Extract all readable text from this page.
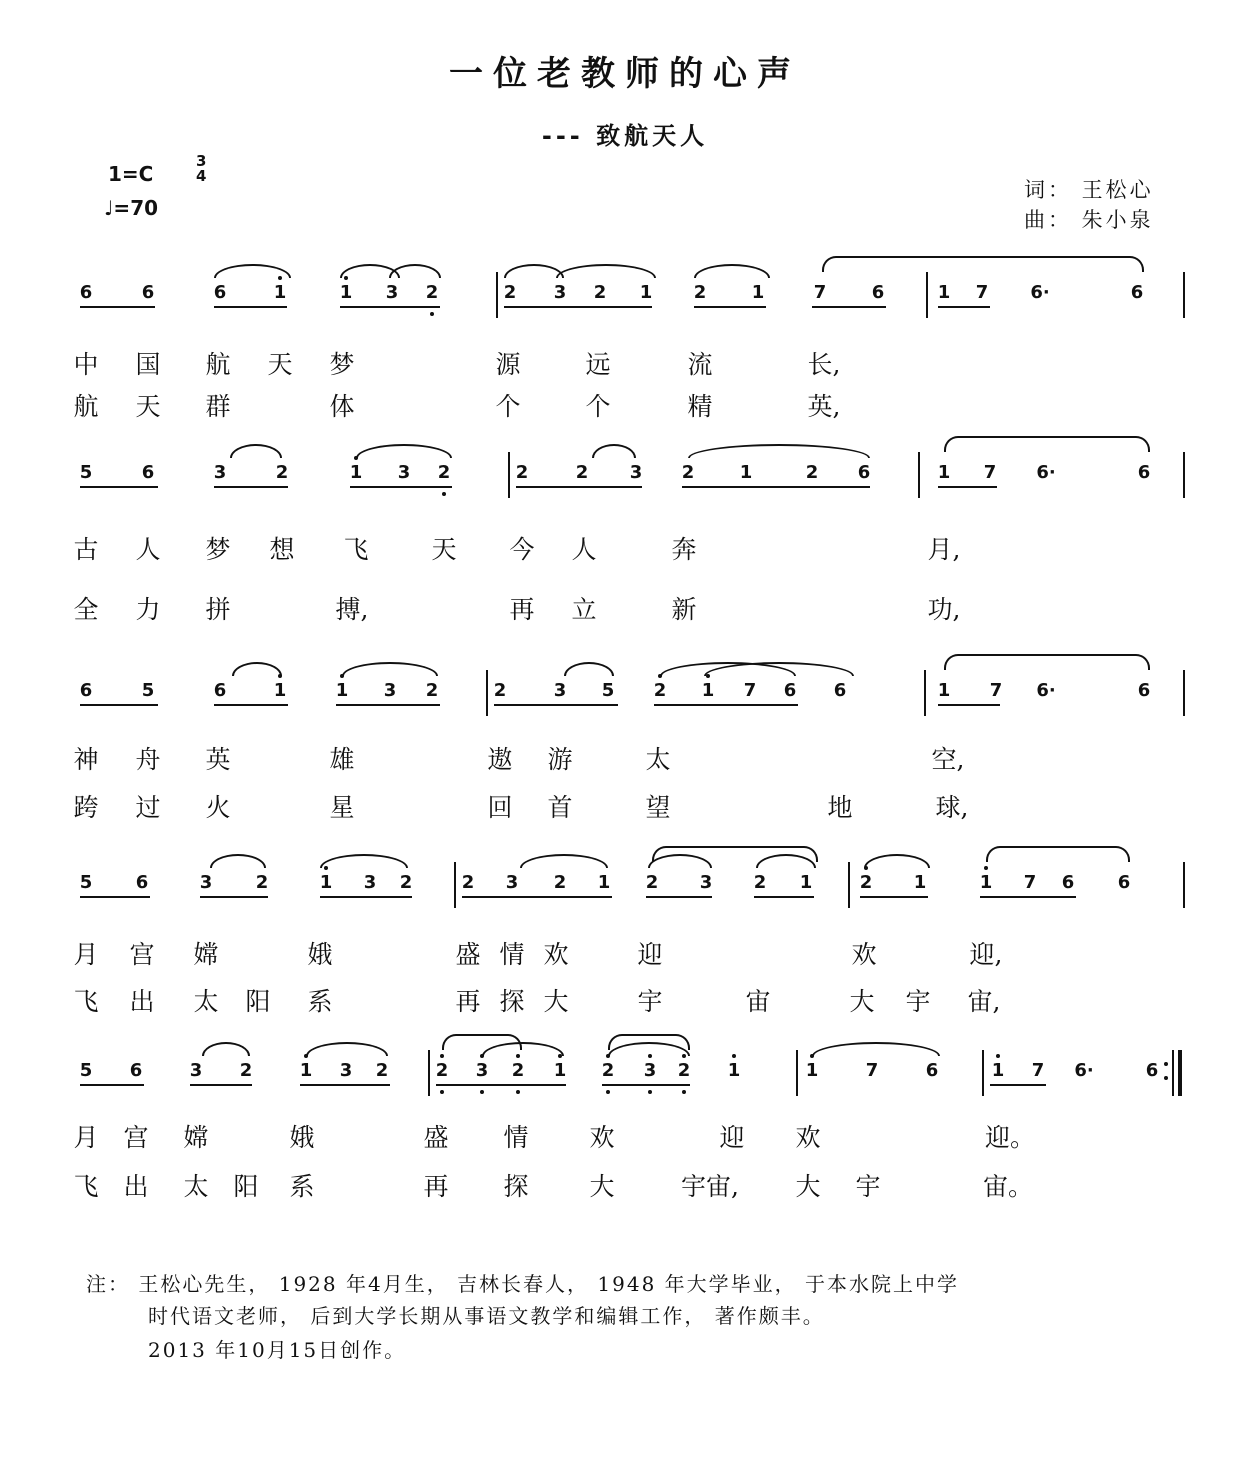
一位老教师的心声
--- 致航天人
1=C
3
4
♩=70
词： 王松心
曲： 朱小泉
6	6	6	1	1 3 2	2 3 2 1 2	1	7	6	1 7 6·	6
中 国 航 天 梦	源	远	流	长,
航 天 群	体	个	个	精	英,
5	6	3	2	1 3 2	2	2 3 2	1	2 6	1 7 6·	6
古 人 梦 想 飞	天 今 人	奔	月,
全 力 拼	搏,	再 立	新	功,
6	5	6	1	1 3 2	2	3 5 2 1 7 6 6	1 7 6·	6
神 舟 英	雄	遨 游	太	空,
跨 过 火	星	回 首	望	地	球,
5 6	3 2	1 3 2	2 3 2 1 2 3 2 1	2 1	1 7 6 6
月 宫 嫦	娥	盛 情 欢	迎	欢	迎,
飞 出 太 阳 系	再 探 大	宇	宙	大 宇 宙,
5 6	3 2	1 3 2	2 3 2 1 2 3 2 1	1	7	6	1 7 6·	6
月 宫 嫦	娥	盛 情 欢	迎 欢	迎。
飞 出 太 阳 系	再 探 大	宇宙, 大 宇	宙。
注： 王松心先生， 1928 年4月生， 吉林长春人， 1948 年大学毕业， 于本水院上中学
时代语文老师， 后到大学长期从事语文教学和编辑工作， 著作颇丰。
2013 年10月15日创作。
